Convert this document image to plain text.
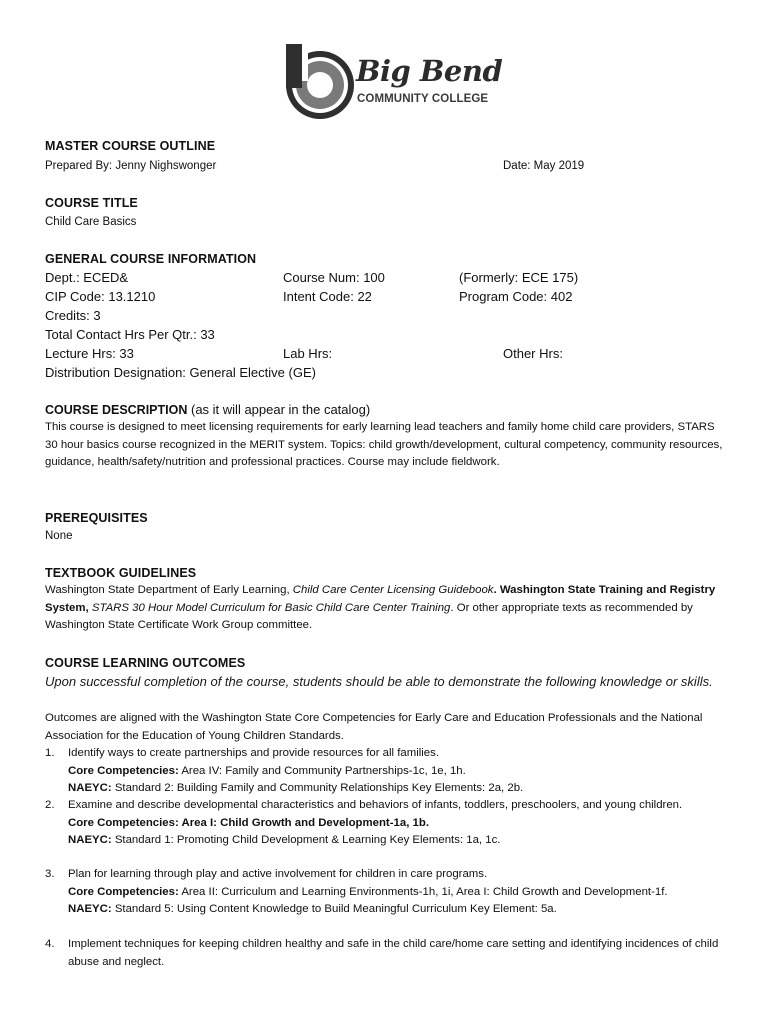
Big Bend
COMMUNITY COLLEGE
MASTER COURSE OUTLINE
Prepared By: Jenny Nighswonger	Date: May 2019
COURSE TITLE
Child Care Basics
GENERAL COURSE INFORMATION
Dept.: ECED&	Course Num: 100	(Formerly: ECE 175)
CIP Code: 13.1210	Intent Code: 22	Program Code: 402
Credits: 3
Total Contact Hrs Per Qtr.: 33
Lecture Hrs: 33	Lab Hrs:	Other Hrs:
Distribution Designation: General Elective (GE)
COURSE DESCRIPTION (as it will appear in the catalog)
This course is designed to meet licensing requirements for early learning lead teachers and family home child care providers, STARS 30 hour basics course recognized in the MERIT system. Topics: child growth/development, cultural competency, community resources, guidance, health/safety/nutrition and professional practices. Course may include fieldwork.
PREREQUISITES
None
TEXTBOOK GUIDELINES
Washington State Department of Early Learning, Child Care Center Licensing Guidebook. Washington State Training and Registry System, STARS 30 Hour Model Curriculum for Basic Child Care Center Training. Or other appropriate texts as recommended by Washington State Certificate Work Group committee.
COURSE LEARNING OUTCOMES
Upon successful completion of the course, students should be able to demonstrate the following knowledge or skills.
Outcomes are aligned with the Washington State Core Competencies for Early Care and Education Professionals and the National Association for the Education of Young Children Standards.
1. Identify ways to create partnerships and provide resources for all families.
Core Competencies: Area IV: Family and Community Partnerships-1c, 1e, 1h.
NAEYC: Standard 2: Building Family and Community Relationships Key Elements: 2a, 2b.
2. Examine and describe developmental characteristics and behaviors of infants, toddlers, preschoolers, and young children.
Core Competencies: Area I: Child Growth and Development-1a, 1b.
NAEYC: Standard 1: Promoting Child Development & Learning Key Elements: 1a, 1c.
3. Plan for learning through play and active involvement for children in care programs.
Core Competencies: Area II: Curriculum and Learning Environments-1h, 1i, Area I: Child Growth and Development-1f.
NAEYC: Standard 5: Using Content Knowledge to Build Meaningful Curriculum Key Element: 5a.
4. Implement techniques for keeping children healthy and safe in the child care/home care setting and identifying incidences of child abuse and neglect.
